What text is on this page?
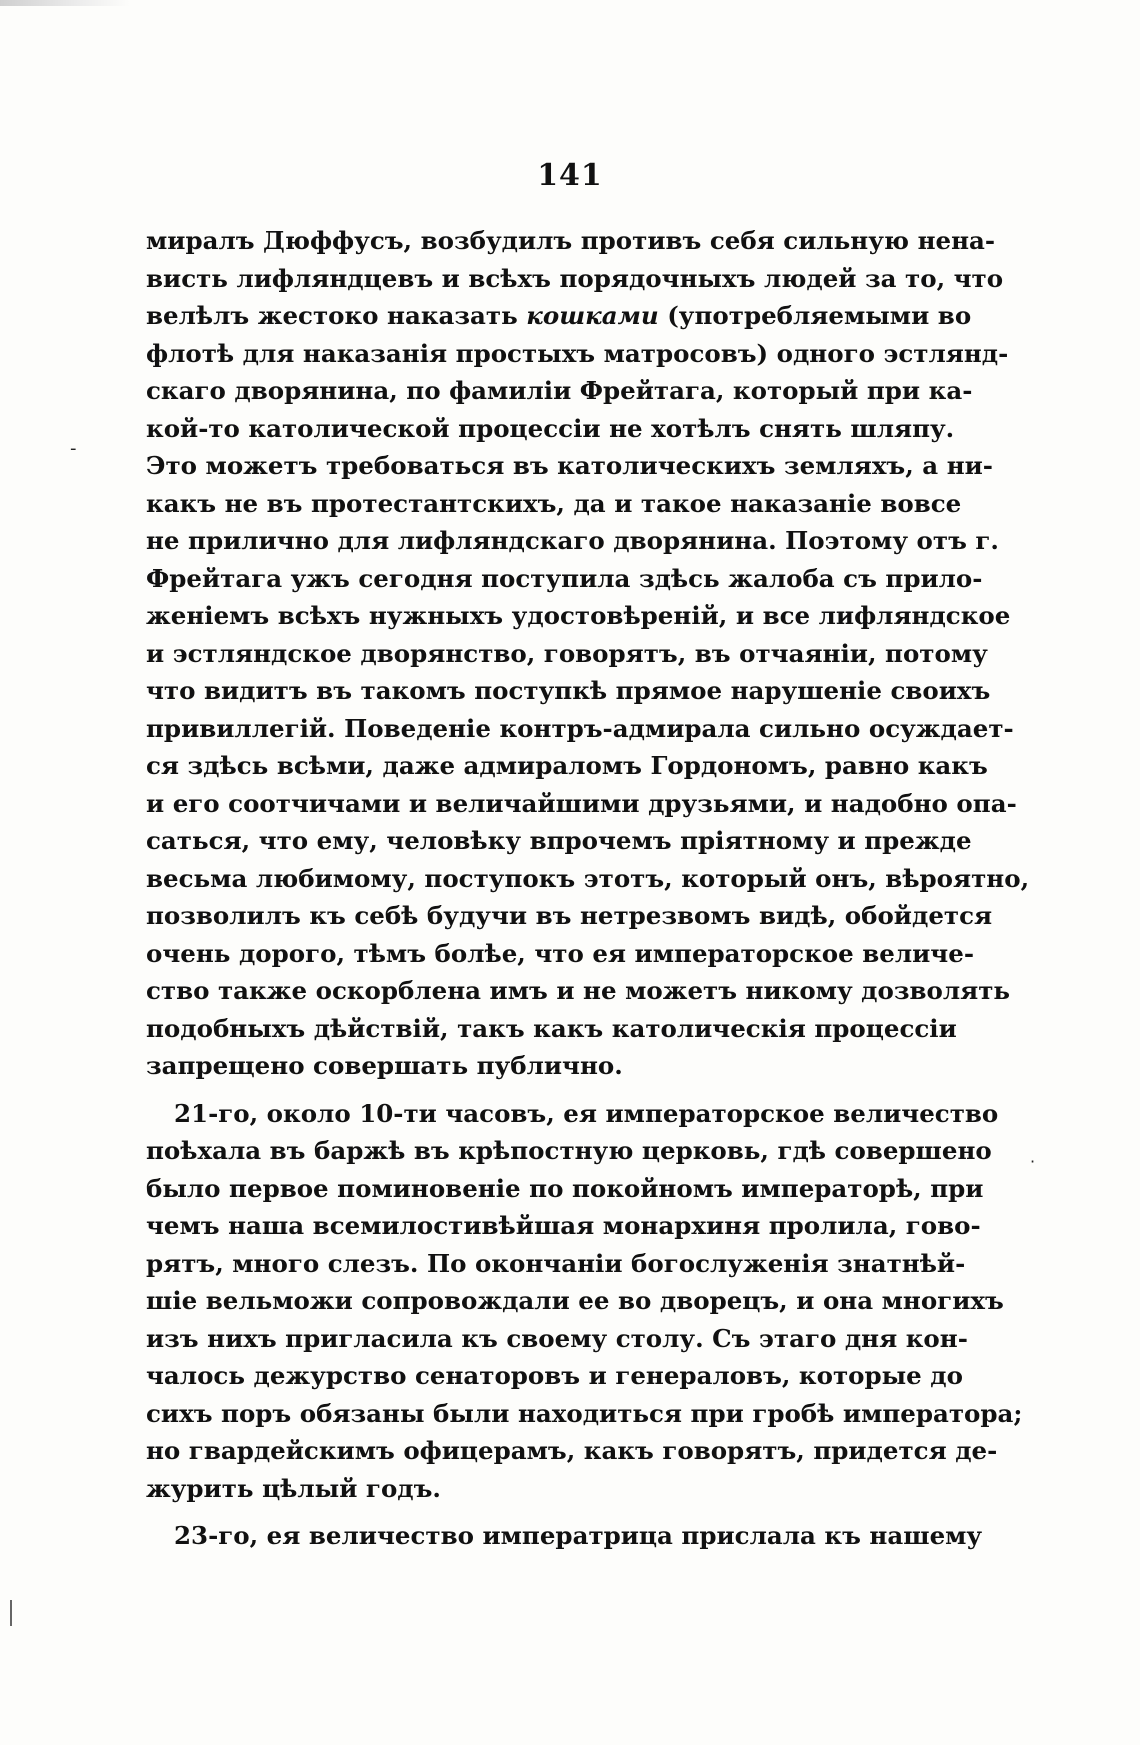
141
миралъ Дюффусъ, возбудилъ противъ себя сильную нена-
висть лифляндцевъ и всѣхъ порядочныхъ людей за то, что
велѣлъ жестоко наказать кошками (употребляемыми во
флотѣ для наказанія простыхъ матросовъ) одного эстлянд-
скаго дворянина, по фамиліи Фрейтага, который при ка-
кой-то католической процессіи не хотѣлъ снять шляпу.
Это можетъ требоваться въ католическихъ земляхъ, а ни-
какъ не въ протестантскихъ, да и такое наказаніе вовсе
не прилично для лифляндскаго дворянина. Поэтому отъ г.
Фрейтага ужъ сегодня поступила здѣсь жалоба съ прило-
женіемъ всѣхъ нужныхъ удостовѣреній, и все лифляндское
и эстляндское дворянство, говорятъ, въ отчаяніи, потому
что видитъ въ такомъ поступкѣ прямое нарушеніе своихъ
привиллегій. Поведеніе контръ-адмирала сильно осуждает-
ся здѣсь всѣми, даже адмираломъ Гордономъ, равно какъ
и его соотчичами и величайшими друзьями, и надобно опа-
саться, что ему, человѣку впрочемъ пріятному и прежде
весьма любимому, поступокъ этотъ, который онъ, вѣроятно,
позволилъ къ себѣ будучи въ нетрезвомъ видѣ, обойдется
очень дорого, тѣмъ болѣе, что ея императорское величе-
ство также оскорблена имъ и не можетъ никому дозволять
подобныхъ дѣйствій, такъ какъ католическія процессіи
запрещено совершать публично.
21-го, около 10-ти часовъ, ея императорское величество
поѣхала въ баржѣ въ крѣпостную церковь, гдѣ совершено
было первое поминовеніе по покойномъ императорѣ, при
чемъ наша всемилостивѣйшая монархиня пролила, гово-
рятъ, много слезъ. По окончаніи богослуженія знатнѣй-
шіе вельможи сопровождали ее во дворецъ, и она многихъ
изъ нихъ пригласила къ своему столу. Съ этаго дня кон-
чалось дежурство сенаторовъ и генераловъ, которые до
сихъ поръ обязаны были находиться при гробѣ императора;
но гвардейскимъ офицерамъ, какъ говорятъ, придется де-
журить цѣлый годъ.
23-го, ея величество императрица прислала къ нашему
-
·
